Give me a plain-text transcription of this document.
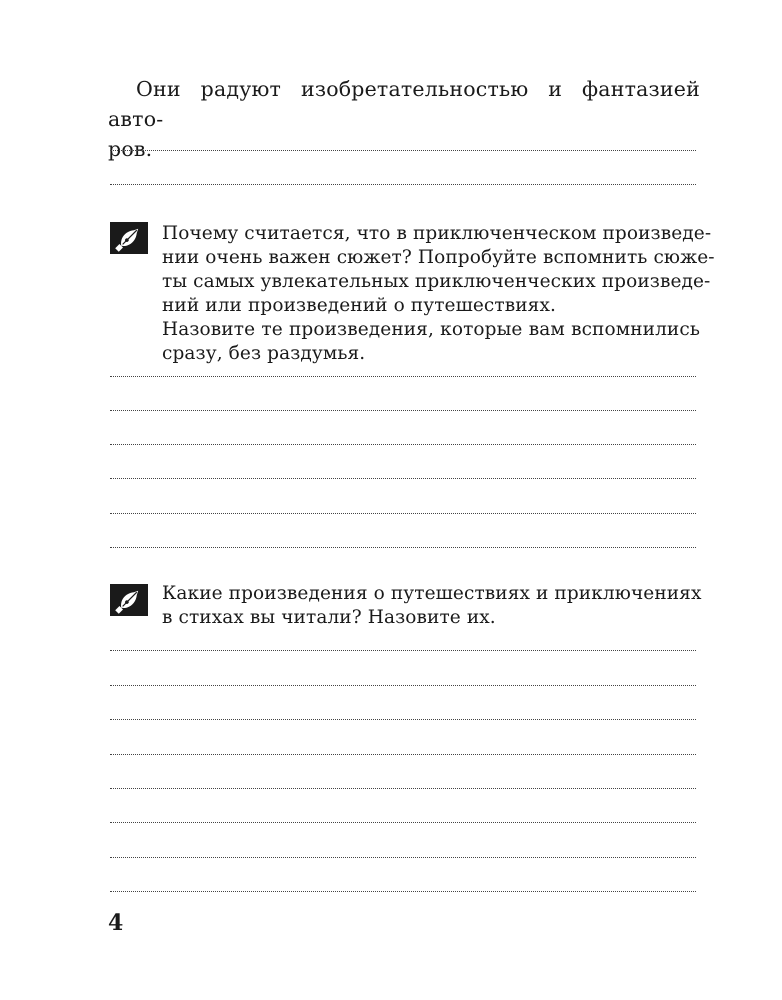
Они радуют изобретательностью и фантазией авто-
ров.
Почему считается, что в приключенческом произведе-
нии очень важен сюжет? Попробуйте вспомнить сюже-
ты самых увлекательных приключенческих произведе-
ний или произведений о путешествиях.
Назовите те произведения, которые вам вспомнились
сразу, без раздумья.
Какие произведения о путешествиях и приключениях
в стихах вы читали? Назовите их.
4
